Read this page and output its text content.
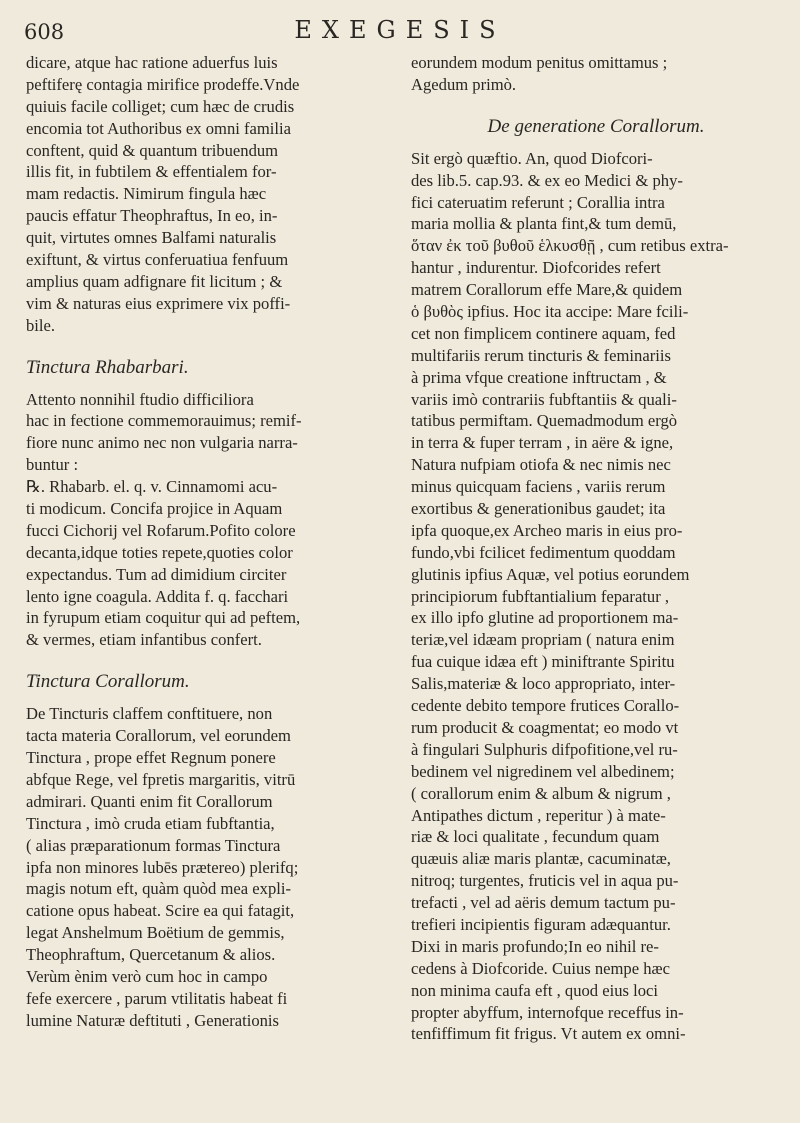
608	EXEGESIS
dicare, atque hac ratione aduerfus luis
peftiferę contagia mirifice prodeffe.Vnde
quiuis facile colliget; cum hæc de crudis
encomia tot Authoribus ex omni familia
conftent, quid & quantum tribuendum
illis fit, in fubtilem & effentialem for-
mam redactis. Nimirum fingula hæc
paucis effatur Theophraftus, In eo, in-
quit, virtutes omnes Balfami naturalis
exiftunt, & virtus conferuatiua fenfuum
amplius quam adfignare fit licitum ; &
vim & naturas eius exprimere vix poffi-
bile.
Tinctura Rhabarbari.
Attento nonnihil ftudio difficiliora
hac in fectione commemorauimus; remif-
fiore nunc animo nec non vulgaria narra-
buntur :
℞. Rhabarb. el. q. v. Cinnamomi acu-
ti modicum. Concifa projice in Aquam
fucci Cichorij vel Rofarum.Pofito colore
decanta,idque toties repete,quoties color
expectandus. Tum ad dimidium circiter
lento igne coagula. Addita f. q. facchari
in fyrupum etiam coquitur qui ad peftem,
& vermes, etiam infantibus confert.
Tinctura Corallorum.
De Tincturis claffem conftituere, non
tacta materia Corallorum, vel eorundem
Tinctura , prope effet Regnum ponere
abfque Rege, vel fpretis margaritis, vitrū
admirari. Quanti enim fit Corallorum
Tinctura , imò cruda etiam fubftantia,
( alias præparationum formas Tinctura
ipfa non minores lubēs prætereo) plerifq;
magis notum eft, quàm quòd mea expli-
catione opus habeat. Scire ea qui fatagit,
legat Anshelmum Boëtium de gemmis,
Theophraftum, Quercetanum & alios.
Verùm ènim verò cum hoc in campo
fefe exercere , parum vtilitatis habeat fi
lumine Naturæ deftituti , Generationis
eorundem modum penitus omittamus ;
Agedum primò.
De generatione Corallorum.
Sit ergò quæftio. An, quod Diofcori-
des lib.5. cap.93. & ex eo Medici & phy-
fici cateruatim referunt ; Corallia intra
maria mollia & planta fint,& tum demū,
ὅταν ἐκ τοῦ βυθοῦ ἑλκυσθῇ , cum retibus extra-
hantur , indurentur. Diofcorides refert
matrem Corallorum effe Mare,& quidem
ὁ βυθὸς ipfius. Hoc ita accipe: Mare fcili-
cet non fimplicem continere aquam, fed
multifariis rerum tincturis & feminariis
à prima vfque creatione inftructam , &
variis imò contrariis fubftantiis & quali-
tatibus permiftam. Quemadmodum ergò
in terra & fuper terram , in aëre & igne,
Natura nufpiam otiofa & nec nimis nec
minus quicquam faciens , variis rerum
exortibus & generationibus gaudet; ita
ipfa quoque,ex Archeo maris in eius pro-
fundo,vbi fcilicet fedimentum quoddam
glutinis ipfius Aquæ, vel potius eorundem
principiorum fubftantialium feparatur ,
ex illo ipfo glutine ad proportionem ma-
teriæ,vel idæam propriam ( natura enim
fua cuique idæa eft ) miniftrante Spiritu
Salis,materiæ & loco appropriato, inter-
cedente debito tempore frutices Corallo-
rum producit & coagmentat; eo modo vt
à fingulari Sulphuris difpofitione,vel ru-
bedinem vel nigredinem vel albedinem;
( corallorum enim & album & nigrum ,
Antipathes dictum , reperitur ) à mate-
riæ & loci qualitate , fecundum quam
quæuis aliæ maris plantæ, cacuminatæ,
nitroq; turgentes, fruticis vel in aqua pu-
trefacti , vel ad aëris demum tactum pu-
trefieri incipientis figuram adæquantur.
Dixi in maris profundo;In eo nihil re-
cedens à Diofcoride. Cuius nempe hæc
non minima caufa eft , quod eius loci
propter abyffum, internofque receffus in-
tenfiffimum fit frigus. Vt autem ex omni-
